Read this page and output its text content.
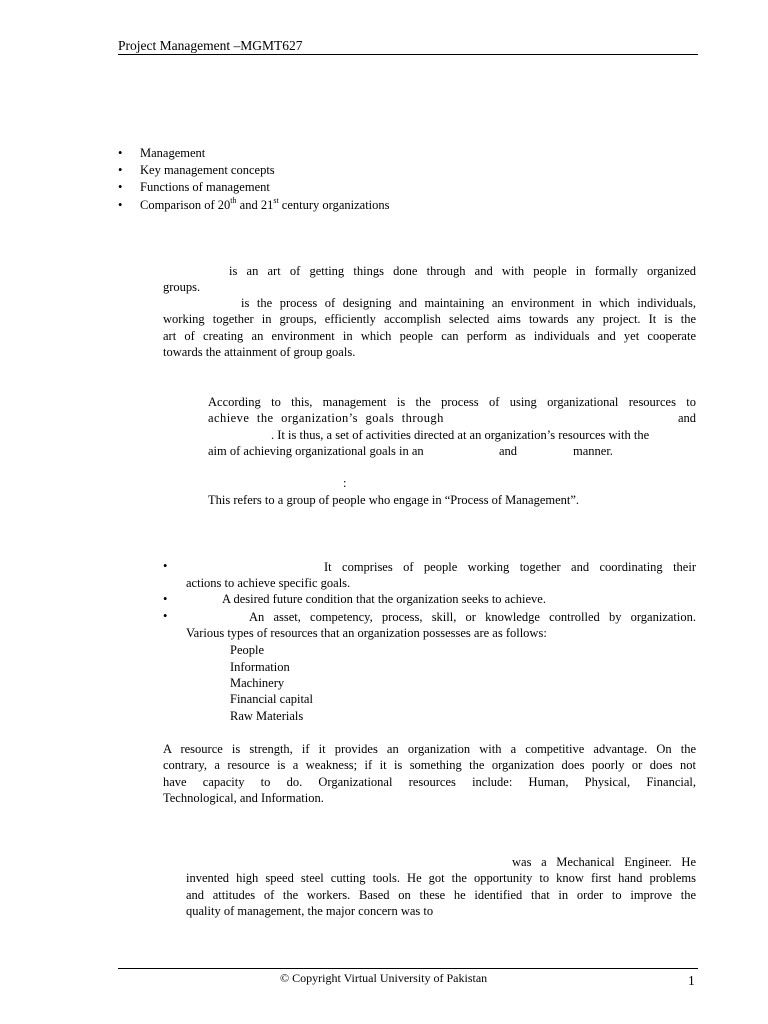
Project Management –MGMT627
• Management
• Key management concepts
• Functions of management
• Comparison of 20th and 21st century organizations
is an art of getting things done through and with people in formally organized
groups.
is the process of designing and maintaining an environment in which individuals,
working together in groups, efficiently accomplish selected aims towards any project. It is the
art of creating an environment in which people can perform as individuals and yet cooperate
towards the attainment of group goals.
According to this, management is the process of using organizational resources to
achieve the organization’s goals through	and
. It is thus, a set of activities directed at an organization’s resources with the
aim of achieving organizational goals in an	and	manner.
:
This refers to a group of people who engage in “Process of Management”.
•	It comprises of people working together and coordinating their
actions to achieve specific goals.
•	A desired future condition that the organization seeks to achieve.
•	An asset, competency, process, skill, or knowledge controlled by organization.
Various types of resources that an organization possesses are as follows:
People
Information
Machinery
Financial capital
Raw Materials
A resource is strength, if it provides an organization with a competitive advantage. On the
contrary, a resource is a weakness; if it is something the organization does poorly or does not
have capacity to do. Organizational resources include: Human, Physical, Financial,
Technological, and Information.
was a Mechanical Engineer. He
invented high speed steel cutting tools. He got the opportunity to know first hand problems
and attitudes of the workers. Based on these he identified that in order to improve the
quality of management, the major concern was to
© Copyright Virtual University of Pakistan	1
